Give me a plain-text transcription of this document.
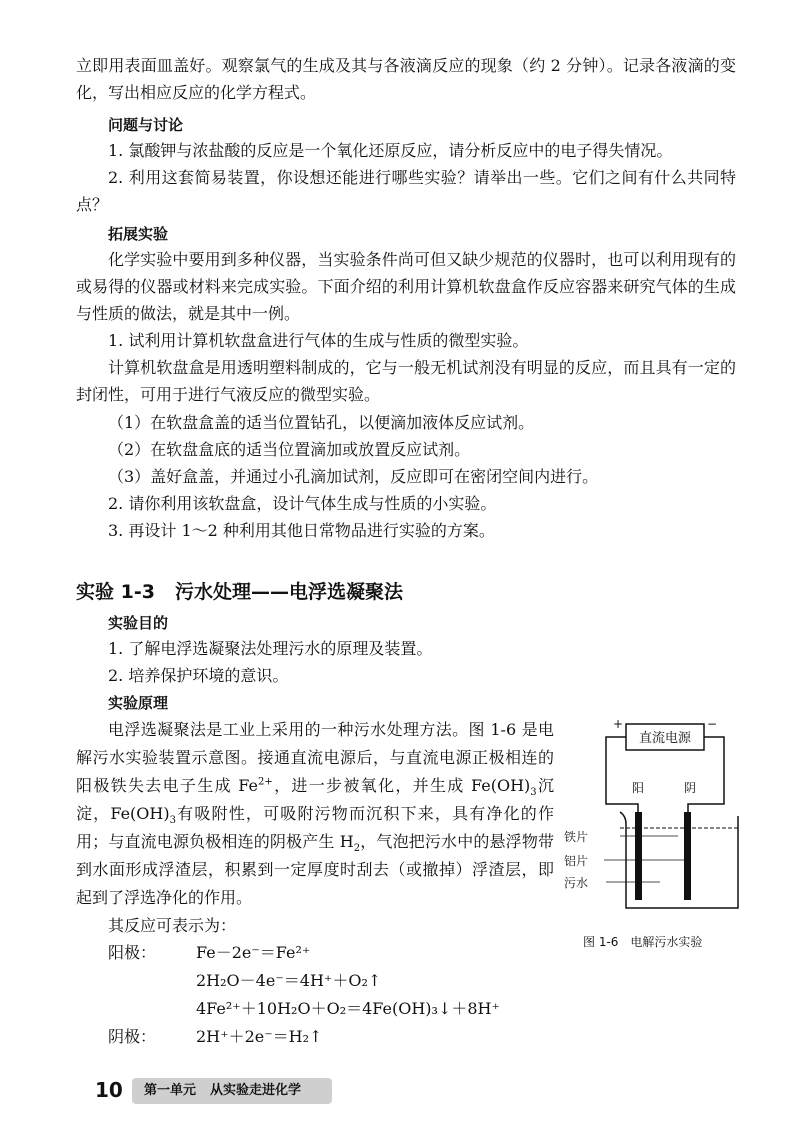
立即用表面皿盖好。观察氯气的生成及其与各液滴反应的现象（约 2 分钟）。记录各液滴的变化，写出相应反应的化学方程式。

问题与讨论

1. 氯酸钾与浓盐酸的反应是一个氧化还原反应，请分析反应中的电子得失情况。

2. 利用这套简易装置，你设想还能进行哪些实验？请举出一些。它们之间有什么共同特点？

拓展实验

化学实验中要用到多种仪器，当实验条件尚可但又缺少规范的仪器时，也可以利用现有的或易得的仪器或材料来完成实验。下面介绍的利用计算机软盘盒作反应容器来研究气体的生成与性质的做法，就是其中一例。

1. 试利用计算机软盘盒进行气体的生成与性质的微型实验。

计算机软盘盒是用透明塑料制成的，它与一般无机试剂没有明显的反应，而且具有一定的封闭性，可用于进行气液反应的微型实验。

（1）在软盘盒盖的适当位置钻孔，以便滴加液体反应试剂。
（2）在软盘盒底的适当位置滴加或放置反应试剂。
（3）盖好盒盖，并通过小孔滴加试剂，反应即可在密闭空间内进行。
2. 请你利用该软盘盒，设计气体生成与性质的小实验。
3. 再设计 1～2 种利用其他日常物品进行实验的方案。
实验 1-3 污水处理——电浮选凝聚法
实验目的
1. 了解电浮选凝聚法处理污水的原理及装置。
2. 培养保护环境的意识。
实验原理

电浮选凝聚法是工业上采用的一种污水处理方法。图 1-6 是电解污水实验装置示意图。接通直流电源后，与直流电源正极相连的阳极铁失去电子生成 $Fe^{2+}$，进一步被氧化，并生成 $Fe(OH)_3$沉淀，$Fe(OH)_3$有吸附性，可吸附污物而沉积下来，具有净化的作用；与直流电源负极相连的阴极产生 $H_2$，气泡把污水中的悬浮物带到水面形成浮渣层，积累到一定厚度时刮去（或撤掉）浮渣层，即起到了浮选净化的作用。

其反应可表示为：

阳极： Fe－2e⁻＝Fe²⁺
2H₂O－4e⁻＝4H⁺＋O₂↑
4Fe²⁺＋10H₂O＋O₂＝4Fe(OH)₃↓＋8H⁺
阴极： 2H⁺＋2e⁻＝H₂↑
直流电源
+	−
阳	阴
铁片
铝片
污水
图 1-6　电解污水实验
10	第一单元 从实验走进化学
